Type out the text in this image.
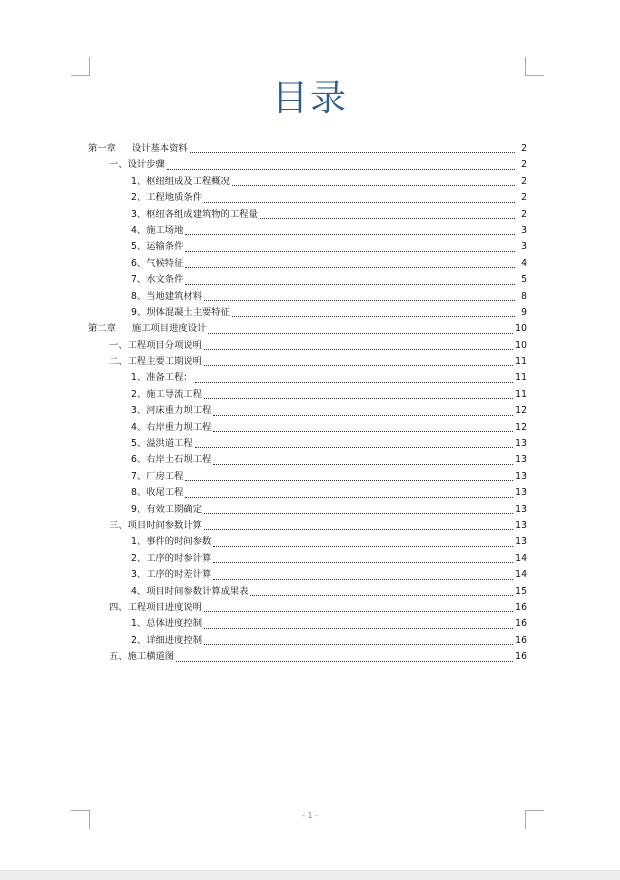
目录
第一章 设计基本资料	2
一、设计步骤	2
1、枢纽组成及工程概况	2
2、工程地质条件	2
3、枢纽各组成建筑物的工程量	2
4、施工场地	3
5、运输条件	3
6、气候特征	4
7、水文条件	5
8、当地建筑材料	8
9、坝体混凝土主要特征	9
第二章 施工项目进度设计	10
一、工程项目分项说明	10
二、工程主要工期说明	11
1、准备工程：	11
2、施工导流工程	11
3、河床重力坝工程	12
4、右岸重力坝工程	12
5、溢洪道工程	13
6、右岸土石坝工程	13
7、厂房工程	13
8、收尾工程	13
9、有效工期确定	13
三、项目时间参数计算	13
1、事件的时间参数	13
2、工序的时参计算	14
3、工序的时差计算	14
4、项目时间参数计算成果表	15
四、工程项目进度说明	16
1、总体进度控制	16
2、详细进度控制	16
五、施工横道图	16
- 1 -
